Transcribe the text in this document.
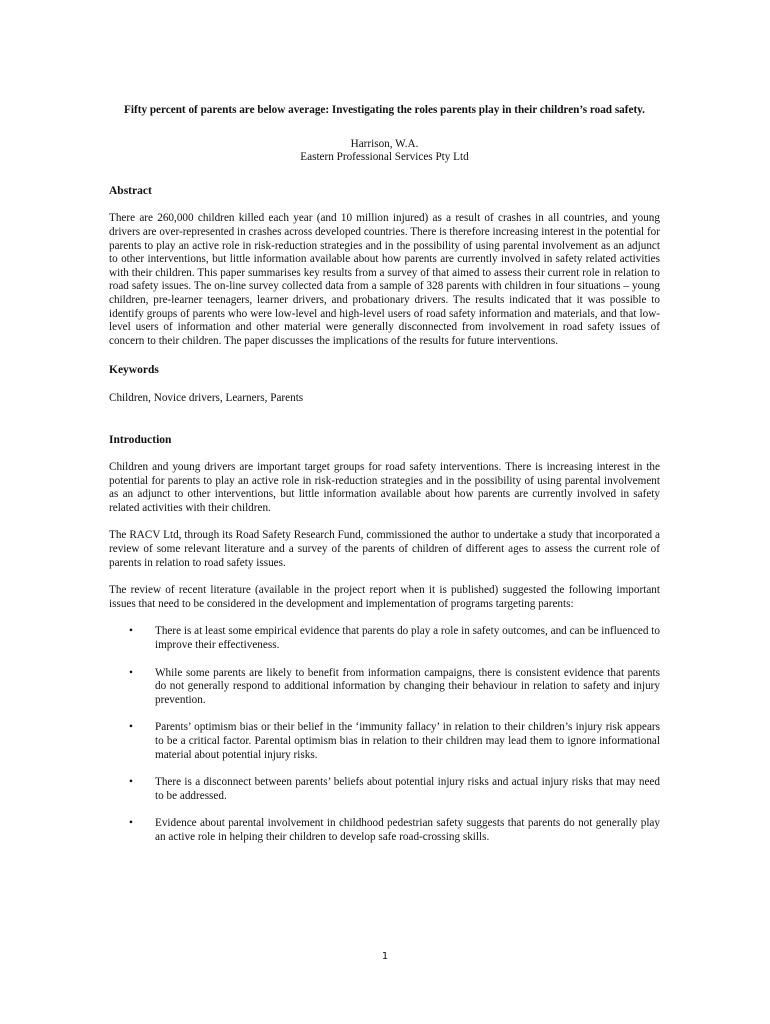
Fifty percent of parents are below average: Investigating the roles parents play in their children’s road safety.

Harrison, W.A.

Eastern Professional Services Pty Ltd

Abstract

There are 260,000 children killed each year (and 10 million injured) as a result of crashes in all countries, and young drivers are over-represented in crashes across developed countries. There is therefore increasing interest in the potential for parents to play an active role in risk-reduction strategies and in the possibility of using parental involvement as an adjunct to other interventions, but little information available about how parents are currently involved in safety related activities with their children. This paper summarises key results from a survey of that aimed to assess their current role in relation to road safety issues. The on-line survey collected data from a sample of 328 parents with children in four situations – young children, pre-learner teenagers, learner drivers, and probationary drivers. The results indicated that it was possible to identify groups of parents who were low-level and high-level users of road safety information and materials, and that low-level users of information and other material were generally disconnected from involvement in road safety issues of concern to their children. The paper discusses the implications of the results for future interventions.

Keywords

Children, Novice drivers, Learners, Parents

Introduction

Children and young drivers are important target groups for road safety interventions. There is increasing interest in the potential for parents to play an active role in risk-reduction strategies and in the possibility of using parental involvement as an adjunct to other interventions, but little information available about how parents are currently involved in safety related activities with their children.

The RACV Ltd, through its Road Safety Research Fund, commissioned the author to undertake a study that incorporated a review of some relevant literature and a survey of the parents of children of different ages to assess the current role of parents in relation to road safety issues.

The review of recent literature (available in the project report when it is published) suggested the following important issues that need to be considered in the development and implementation of programs targeting parents:

• There is at least some empirical evidence that parents do play a role in safety outcomes, and can be influenced to improve their effectiveness.
• While some parents are likely to benefit from information campaigns, there is consistent evidence that parents do not generally respond to additional information by changing their behaviour in relation to safety and injury prevention.
• Parents’ optimism bias or their belief in the ‘immunity fallacy’ in relation to their children’s injury risk appears to be a critical factor. Parental optimism bias in relation to their children may lead them to ignore informational material about potential injury risks.
• There is a disconnect between parents’ beliefs about potential injury risks and actual injury risks that may need to be addressed.
• Evidence about parental involvement in childhood pedestrian safety suggests that parents do not generally play an active role in helping their children to develop safe road-crossing skills.
1
